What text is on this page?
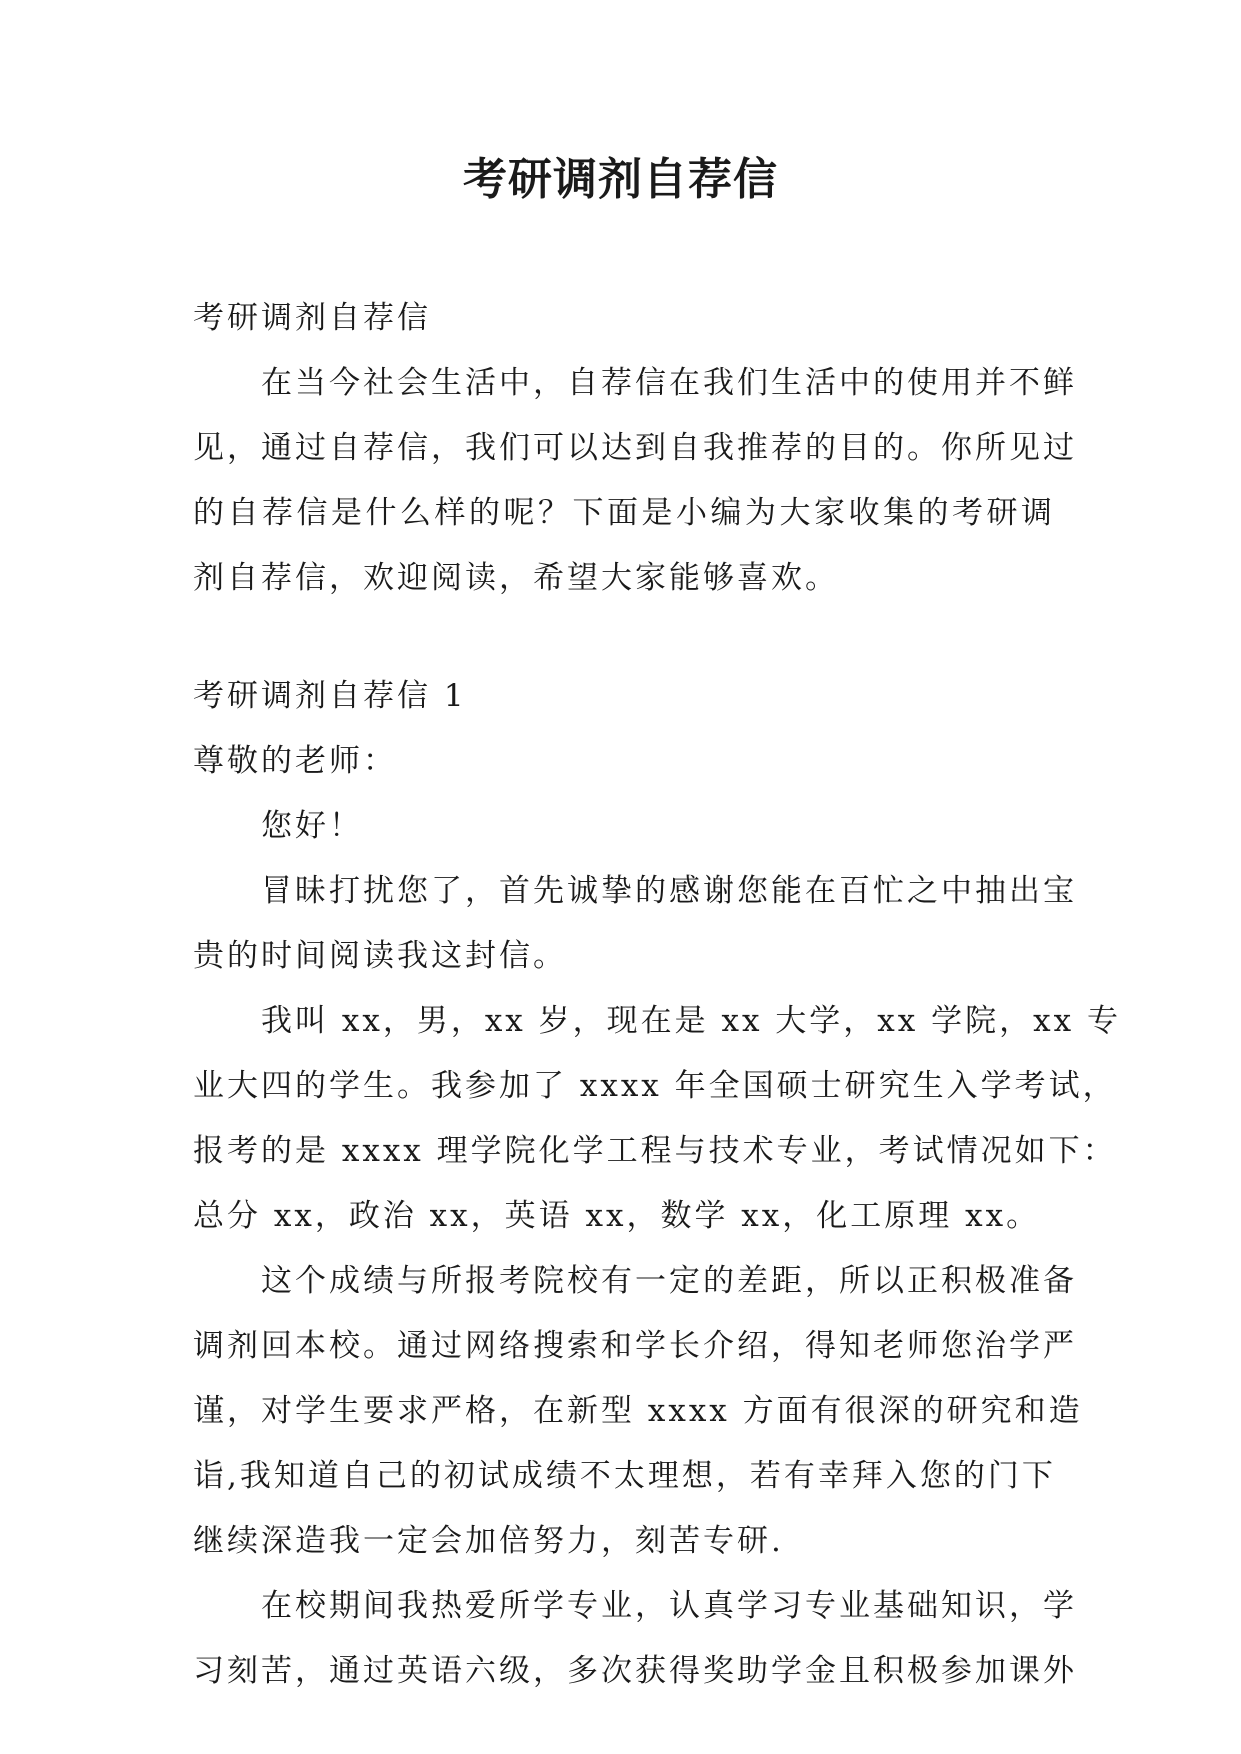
考研调剂自荐信
考研调剂自荐信
在当今社会生活中，自荐信在我们生活中的使用并不鲜
见，通过自荐信，我们可以达到自我推荐的目的。你所见过
的自荐信是什么样的呢？下面是小编为大家收集的考研调
剂自荐信，欢迎阅读，希望大家能够喜欢。
考研调剂自荐信 1
尊敬的老师：
您好！
冒昧打扰您了，首先诚挚的感谢您能在百忙之中抽出宝
贵的时间阅读我这封信。
我叫 xx，男，xx 岁，现在是 xx 大学，xx 学院，xx 专
业大四的学生。我参加了 xxxx 年全国硕士研究生入学考试，
报考的是 xxxx 理学院化学工程与技术专业，考试情况如下：
总分 xx，政治 xx，英语 xx，数学 xx，化工原理 xx。
这个成绩与所报考院校有一定的差距，所以正积极准备
调剂回本校。通过网络搜索和学长介绍，得知老师您治学严
谨，对学生要求严格，在新型 xxxx 方面有很深的研究和造
诣,我知道自己的初试成绩不太理想，若有幸拜入您的门下
继续深造我一定会加倍努力，刻苦专研.
在校期间我热爱所学专业，认真学习专业基础知识，学
习刻苦，通过英语六级，多次获得奖助学金且积极参加课外
